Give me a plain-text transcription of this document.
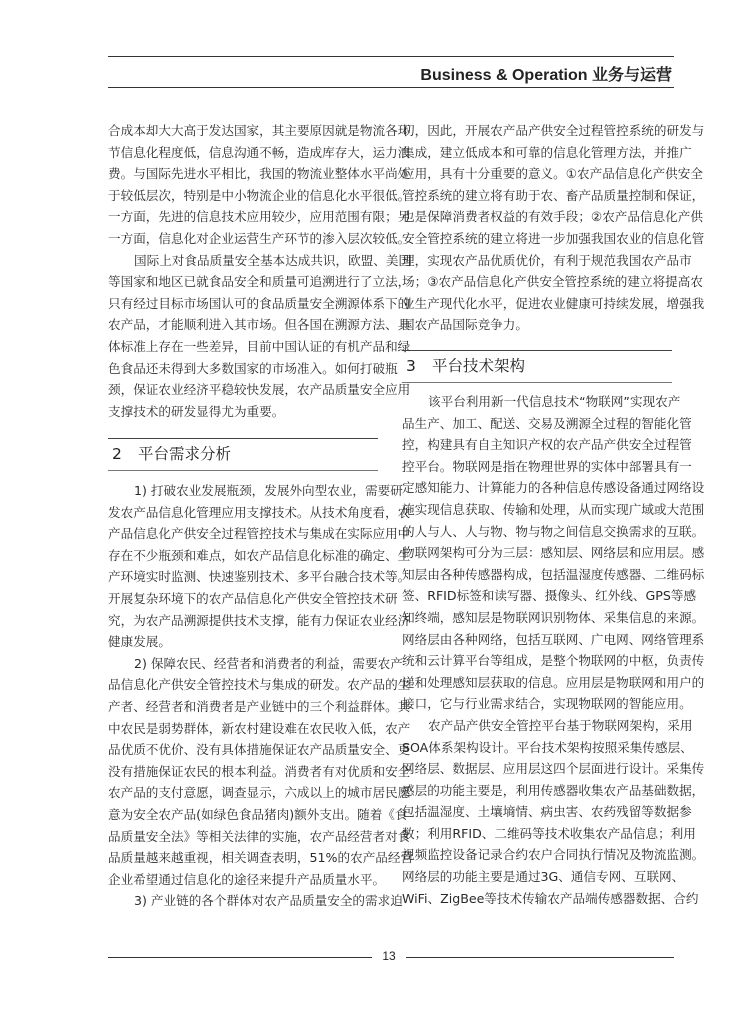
Business & Operation 业务与运营
合成本却大大高于发达国家，其主要原因就是物流各环
节信息化程度低，信息沟通不畅，造成库存大，运力浪
费。与国际先进水平相比，我国的物流业整体水平尚处
于较低层次，特别是中小物流企业的信息化水平很低。
一方面，先进的信息技术应用较少，应用范围有限；另
一方面，信息化对企业运营生产环节的渗入层次较低。
国际上对食品质量安全基本达成共识，欧盟、美国
等国家和地区已就食品安全和质量可追溯进行了立法，
只有经过目标市场国认可的食品质量安全溯源体系下的
农产品，才能顺利进入其市场。但各国在溯源方法、具
体标准上存在一些差异，目前中国认证的有机产品和绿
色食品还未得到大多数国家的市场准入。如何打破瓶
颈，保证农业经济平稳较快发展，农产品质量安全应用
支撑技术的研发显得尤为重要。
2 平台需求分析
1) 打破农业发展瓶颈，发展外向型农业，需要研
发农产品信息化管理应用支撑技术。从技术角度看，农
产品信息化产供安全过程管控技术与集成在实际应用中
存在不少瓶颈和难点，如农产品信息化标准的确定、生
产环境实时监测、快速鉴别技术、多平台融合技术等。
开展复杂环境下的农产品信息化产供安全管控技术研
究，为农产品溯源提供技术支撑，能有力保证农业经济
健康发展。
2) 保障农民、经营者和消费者的利益，需要农产
品信息化产供安全管控技术与集成的研发。农产品的生
产者、经营者和消费者是产业链中的三个利益群体。其
中农民是弱势群体，新农村建设难在农民收入低，农产
品优质不优价、没有具体措施保证农产品质量安全、更
没有措施保证农民的根本利益。消费者有对优质和安全
农产品的支付意愿，调查显示，六成以上的城市居民愿
意为安全农产品(如绿色食品猪肉)额外支出。随着《食
品质量安全法》等相关法律的实施，农产品经营者对食
品质量越来越重视，相关调查表明，51%的农产品经营
企业希望通过信息化的途径来提升产品质量水平。
3) 产业链的各个群体对农产品质量安全的需求迫
切，因此，开展农产品产供安全过程管控系统的研发与
集成，建立低成本和可靠的信息化管理方法，并推广
应用，具有十分重要的意义。①农产品信息化产供安全
管控系统的建立将有助于农、畜产品质量控制和保证，
也是保障消费者权益的有效手段；②农产品信息化产供
安全管控系统的建立将进一步加强我国农业的信息化管
理，实现农产品优质优价，有利于规范我国农产品市
场；③农产品信息化产供安全管控系统的建立将提高农
业生产现代化水平，促进农业健康可持续发展，增强我
国农产品国际竞争力。
3 平台技术架构
该平台利用新一代信息技术“物联网”实现农产
品生产、加工、配送、交易及溯源全过程的智能化管
控，构建具有自主知识产权的农产品产供安全过程管
控平台。物联网是指在物理世界的实体中部署具有一
定感知能力、计算能力的各种信息传感设备通过网络设
施实现信息获取、传输和处理，从而实现广域或大范围
的人与人、人与物、物与物之间信息交换需求的互联。
物联网架构可分为三层：感知层、网络层和应用层。感
知层由各种传感器构成，包括温湿度传感器、二维码标
签、RFID标签和读写器、摄像头、红外线、GPS等感
知终端，感知层是物联网识别物体、采集信息的来源。
网络层由各种网络，包括互联网、广电网、网络管理系
统和云计算平台等组成，是整个物联网的中枢，负责传
递和处理感知层获取的信息。应用层是物联网和用户的
接口，它与行业需求结合，实现物联网的智能应用。
农产品产供安全管控平台基于物联网架构，采用
SOA体系架构设计。平台技术架构按照采集传感层、
网络层、数据层、应用层这四个层面进行设计。采集传
感层的功能主要是，利用传感器收集农产品基础数据，
包括温湿度、土壤墒情、病虫害、农药残留等数据参
数；利用RFID、二维码等技术收集农产品信息；利用
视频监控设备记录合约农户合同执行情况及物流监测。
网络层的功能主要是通过3G、通信专网、互联网、
WiFi、ZigBee等技术传输农产品端传感器数据、合约
13
